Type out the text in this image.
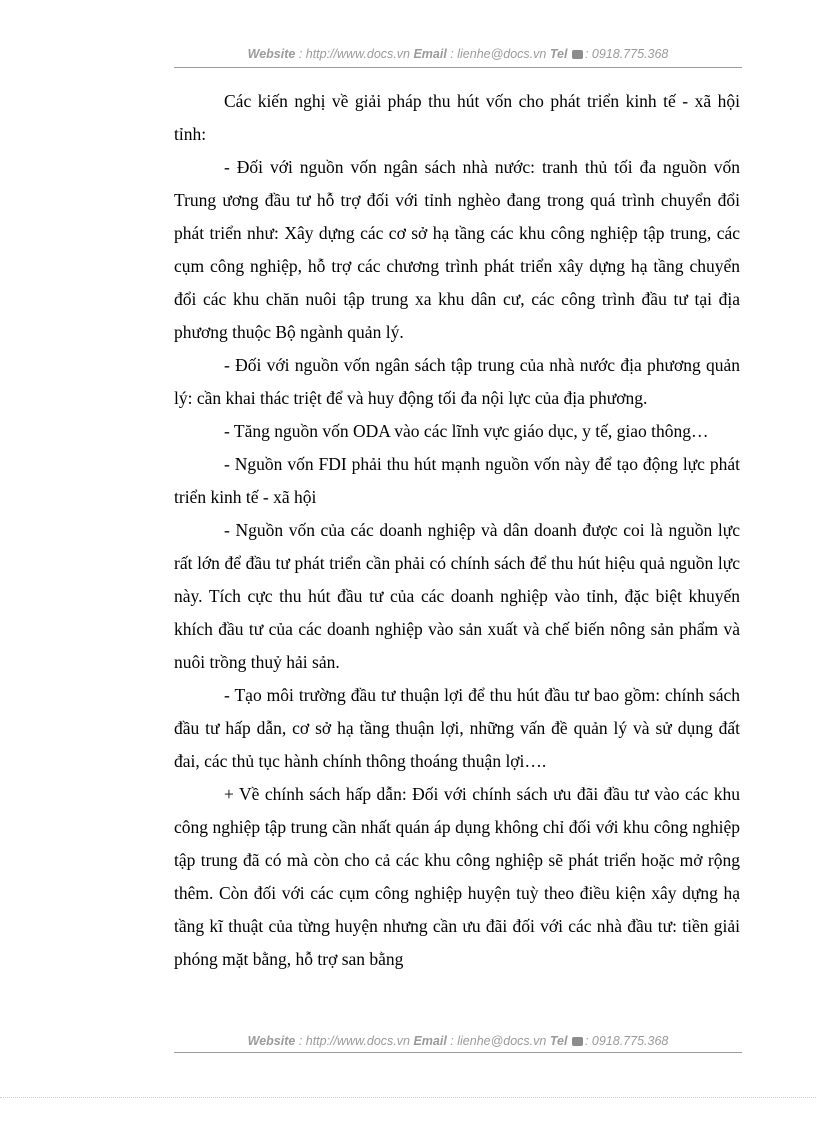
Website : http://www.docs.vn Email : lienhe@docs.vn Tel : 0918.775.368

Các kiến nghị về giải pháp thu hút vốn cho phát triển kinh tế - xã hội tỉnh:

- Đối với nguồn vốn ngân sách nhà nước: tranh thủ tối đa nguồn vốn Trung ương đầu tư hỗ trợ đối với tỉnh nghèo đang trong quá trình chuyển đổi phát triển như: Xây dựng các cơ sở hạ tầng các khu công nghiệp tập trung, các cụm công nghiệp, hỗ trợ các chương trình phát triển xây dựng hạ tầng chuyển đổi các khu chăn nuôi tập trung xa khu dân cư, các công trình đầu tư tại địa phương thuộc Bộ ngành quản lý.

- Đối với nguồn vốn ngân sách tập trung của nhà nước địa phương quản lý: cần khai thác triệt để và huy động tối đa nội lực của địa phương.

- Tăng nguồn vốn ODA vào các lĩnh vực giáo dục, y tế, giao thông…

- Nguồn vốn FDI phải thu hút mạnh nguồn vốn này để tạo động lực phát triển kinh tế - xã hội

- Nguồn vốn của các doanh nghiệp và dân doanh được coi là nguồn lực rất lớn để đầu tư phát triển cần phải có chính sách để thu hút hiệu quả nguồn lực này. Tích cực thu hút đầu tư của các doanh nghiệp vào tỉnh, đặc biệt khuyến khích đầu tư của các doanh nghiệp vào sản xuất và chế biến nông sản phẩm và nuôi trồng thuỷ hải sản.

- Tạo môi trường đầu tư thuận lợi để thu hút đầu tư bao gồm: chính sách đầu tư hấp dẫn, cơ sở hạ tầng thuận lợi, những vấn đề quản lý và sử dụng đất đai, các thủ tục hành chính thông thoáng thuận lợi….

+ Về chính sách hấp dẫn: Đối với chính sách ưu đãi đầu tư vào các khu công nghiệp tập trung cần nhất quán áp dụng không chỉ đối với khu công nghiệp tập trung đã có mà còn cho cả các khu công nghiệp sẽ phát triển hoặc mở rộng thêm. Còn đối với các cụm công nghiệp huyện tuỳ theo điều kiện xây dựng hạ tầng kĩ thuật của từng huyện nhưng cần ưu đãi đối với các nhà đầu tư: tiền giải phóng mặt bằng, hỗ trợ san bằng

Website : http://www.docs.vn Email : lienhe@docs.vn Tel : 0918.775.368
